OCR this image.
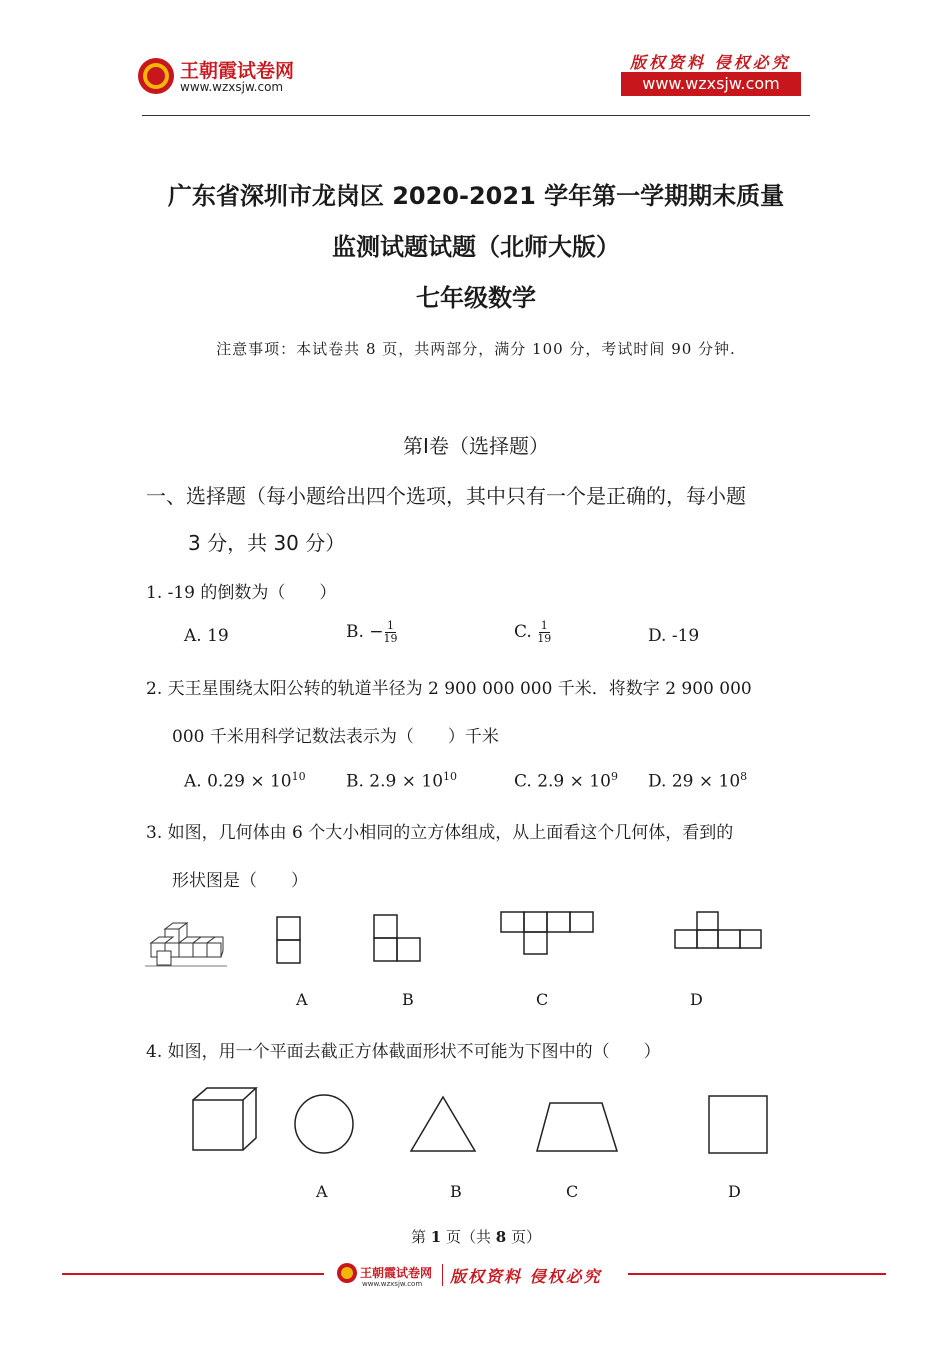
王朝霞试卷网
www.wzxsjw.com
版权资料 侵权必究
www.wzxsjw.com
广东省深圳市龙岗区 2020-2021 学年第一学期期末质量
监测试题试题（北师大版）
七年级数学
注意事项：本试卷共 8 页，共两部分，满分 100 分，考试时间 90 分钟.
第Ⅰ卷（选择题）
一、选择题（每小题给出四个选项，其中只有一个是正确的，每小题
3 分，共 30 分）
1. -19 的倒数为（　　）
A. 19	B. − $\frac{1}{19}$	C. $\frac{1}{19}$	D. -19
2. 天王星围绕太阳公转的轨道半径为 2 900 000 000 千米．将数字 2 900 000
000 千米用科学记数法表示为（　　）千米
A. $0.29 \times 10^{10}$ B. $2.9 \times 10^{10}$	C. $2.9 \times 10^9$ D. $29 \times 10^8$
3. 如图，几何体由 6 个大小相同的立方体组成，从上面看这个几何体，看到的
形状图是（　　）
A	B	C	D
4. 如图，用一个平面去截正方体截面形状不可能为下图中的（　　）
A	B	C	D
第 1 页（共 8 页）
王朝霞试卷网
www.wzxsjw.com 版权资料 侵权必究
